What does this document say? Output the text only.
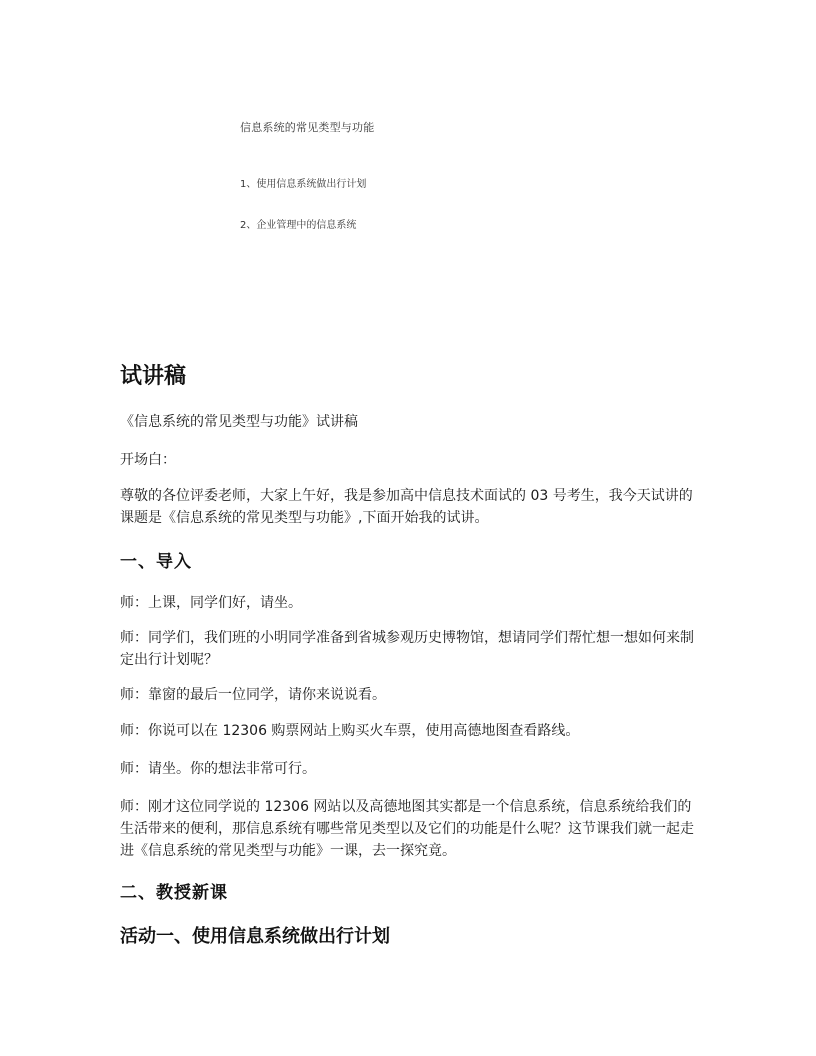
信息系统的常见类型与功能
1、使用信息系统做出行计划
2、企业管理中的信息系统
试讲稿

《信息系统的常见类型与功能》试讲稿

开场白：

尊敬的各位评委老师，大家上午好，我是参加高中信息技术面试的 03 号考生，我今天试讲的课题是《信息系统的常见类型与功能》,下面开始我的试讲。

一、导入

师：上课，同学们好，请坐。

师：同学们，我们班的小明同学准备到省城参观历史博物馆，想请同学们帮忙想一想如何来制定出行计划呢？

师：靠窗的最后一位同学，请你来说说看。

师：你说可以在 12306 购票网站上购买火车票，使用高德地图查看路线。

师：请坐。你的想法非常可行。

师：刚才这位同学说的 12306 网站以及高德地图其实都是一个信息系统，信息系统给我们的生活带来的便利，那信息系统有哪些常见类型以及它们的功能是什么呢？这节课我们就一起走进《信息系统的常见类型与功能》一课，去一探究竟。

二、教授新课
活动一、使用信息系统做出行计划
